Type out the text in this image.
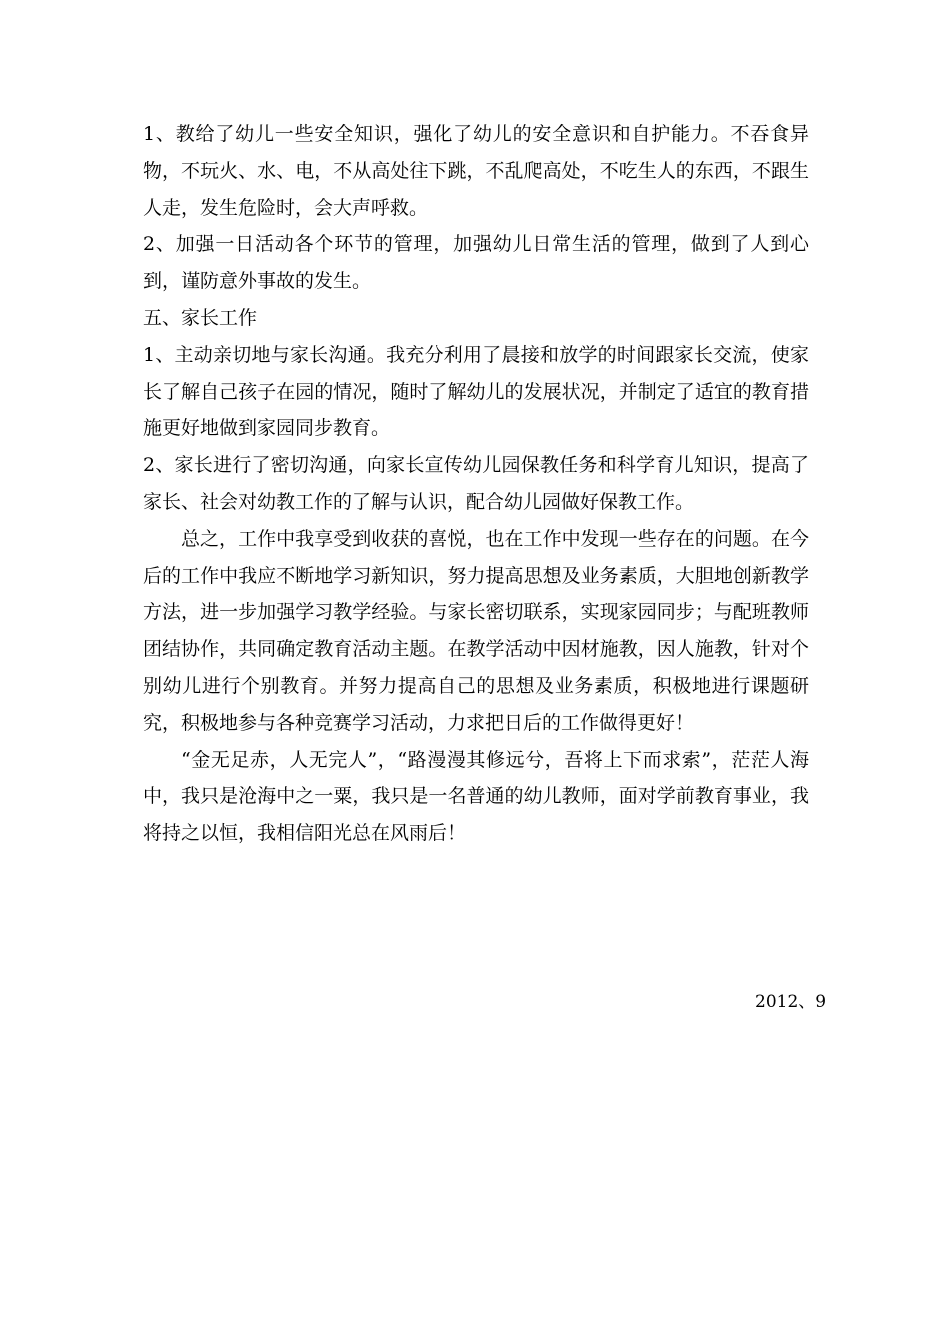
1、教给了幼儿一些安全知识，强化了幼儿的安全意识和自护能力。不吞食异物，不玩火、水、电，不从高处往下跳，不乱爬高处，不吃生人的东西，不跟生人走，发生危险时，会大声呼救。

2、加强一日活动各个环节的管理，加强幼儿日常生活的管理，做到了人到心到，谨防意外事故的发生。

五、家长工作

1、主动亲切地与家长沟通。我充分利用了晨接和放学的时间跟家长交流，使家长了解自己孩子在园的情况，随时了解幼儿的发展状况，并制定了适宜的教育措施更好地做到家园同步教育。

2、家长进行了密切沟通，向家长宣传幼儿园保教任务和科学育儿知识，提高了家长、社会对幼教工作的了解与认识，配合幼儿园做好保教工作。

总之，工作中我享受到收获的喜悦，也在工作中发现一些存在的问题。在今后的工作中我应不断地学习新知识，努力提高思想及业务素质，大胆地创新教学方法，进一步加强学习教学经验。与家长密切联系，实现家园同步；与配班教师团结协作，共同确定教育活动主题。在教学活动中因材施教，因人施教，针对个别幼儿进行个别教育。并努力提高自己的思想及业务素质，积极地进行课题研究，积极地参与各种竞赛学习活动，力求把日后的工作做得更好！

“金无足赤，人无完人”，“路漫漫其修远兮，吾将上下而求索”，茫茫人海中，我只是沧海中之一粟，我只是一名普通的幼儿教师，面对学前教育事业，我将持之以恒，我相信阳光总在风雨后！

2012、9
